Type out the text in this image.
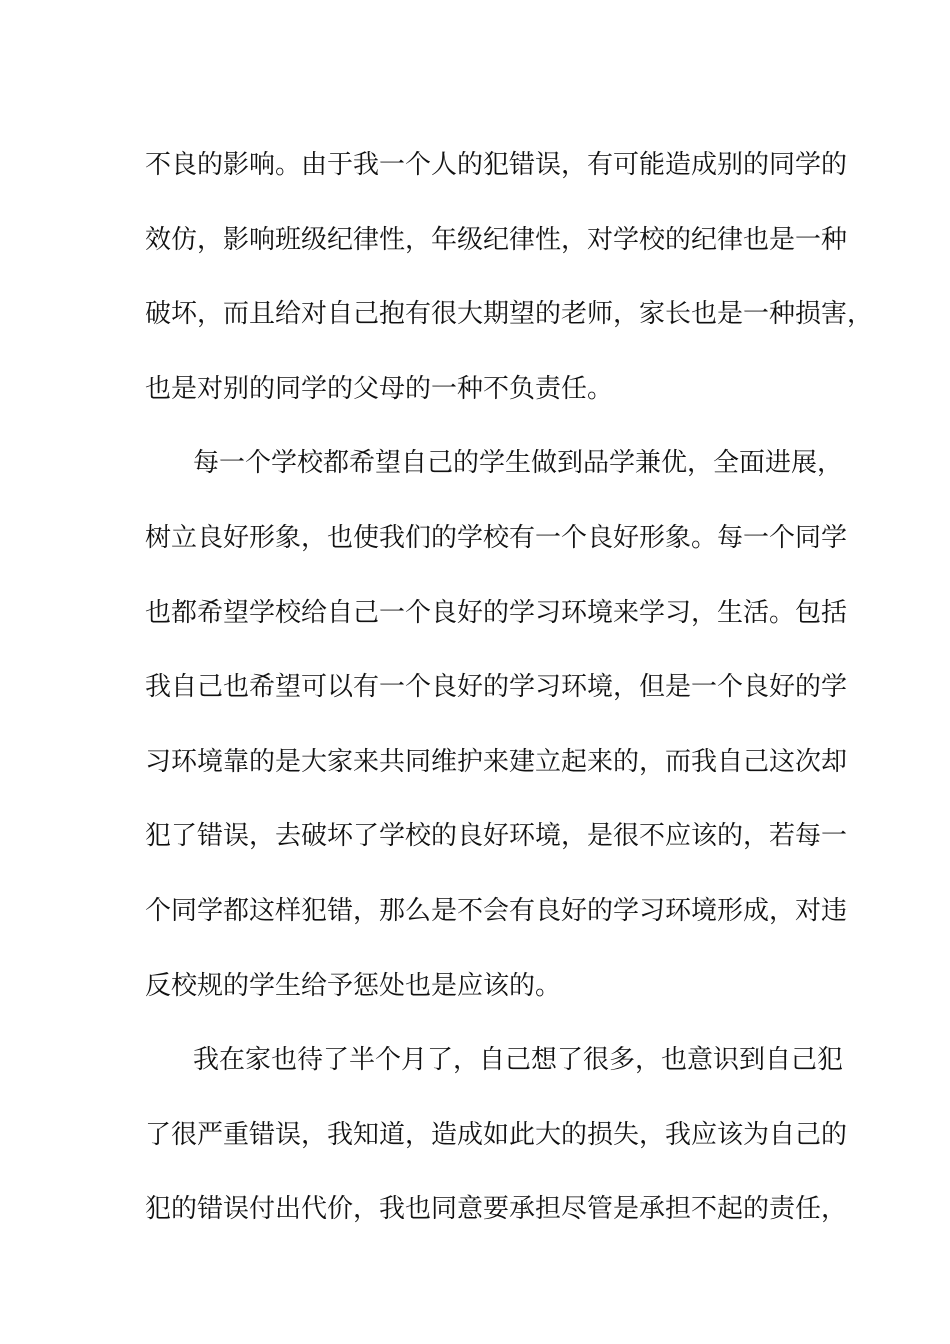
不良的影响。由于我一个人的犯错误，有可能造成别的同学的
效仿，影响班级纪律性，年级纪律性，对学校的纪律也是一种
破坏，而且给对自己抱有很大期望的老师，家长也是一种损害，
也是对别的同学的父母的一种不负责任。
每一个学校都希望自己的学生做到品学兼优，全面进展，
树立良好形象，也使我们的学校有一个良好形象。每一个同学
也都希望学校给自己一个良好的学习环境来学习，生活。包括
我自己也希望可以有一个良好的学习环境，但是一个良好的学
习环境靠的是大家来共同维护来建立起来的，而我自己这次却
犯了错误，去破坏了学校的良好环境，是很不应该的，若每一
个同学都这样犯错，那么是不会有良好的学习环境形成，对违
反校规的学生给予惩处也是应该的。
我在家也待了半个月了，自己想了很多，也意识到自己犯
了很严重错误，我知道，造成如此大的损失，我应该为自己的
犯的错误付出代价，我也同意要承担尽管是承担不起的责任，
